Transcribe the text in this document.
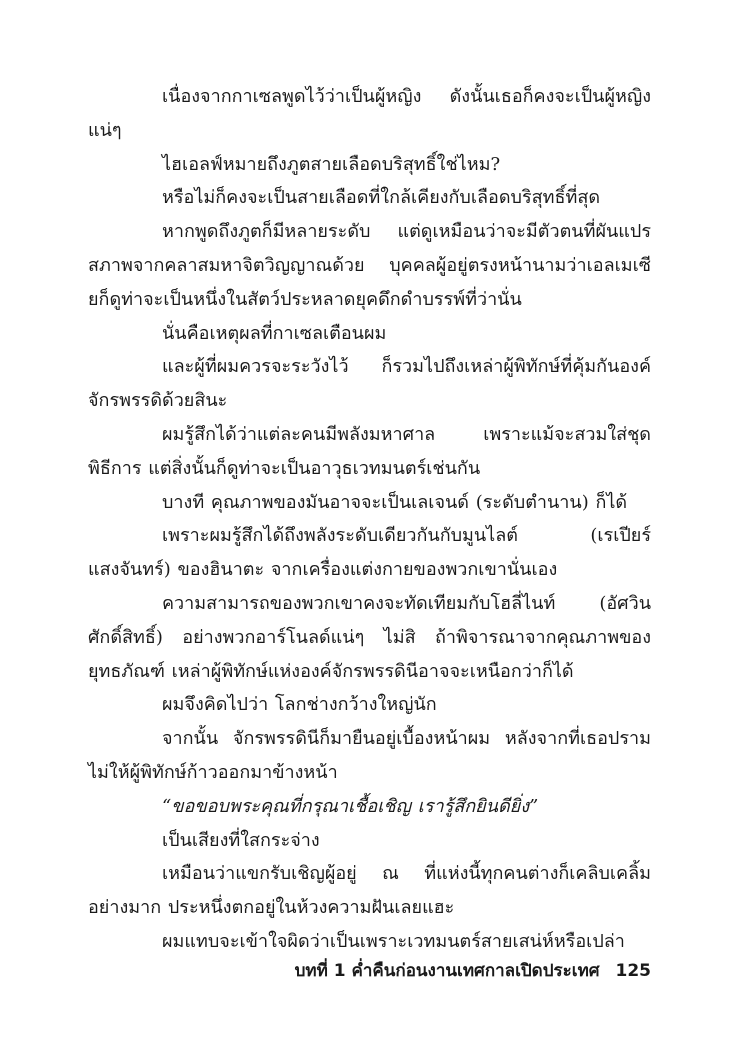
เนื่องจากกาเซลพูดไว้ว่าเป็นผู้หญิง ดังนั้นเธอก็คงจะเป็นผู้หญิงแน่ๆ

ไฮเอลฟ์หมายถึงภูตสายเลือดบริสุทธิ์ใช่ไหม?

หรือไม่ก็คงจะเป็นสายเลือดที่ใกล้เคียงกับเลือดบริสุทธิ์ที่สุด

หากพูดถึงภูตก็มีหลายระดับ แต่ดูเหมือนว่าจะมีตัวตนที่ผันแปรสภาพจากคลาสมหาจิตวิญญาณด้วย บุคคลผู้อยู่ตรงหน้านามว่าเอลเมเซียก็ดูท่าจะเป็นหนึ่งในสัตว์ประหลาดยุคดึกดำบรรพ์ที่ว่านั่น

นั่นคือเหตุผลที่กาเซลเตือนผม

และผู้ที่ผมควรจะระวังไว้ ก็รวมไปถึงเหล่าผู้พิทักษ์ที่คุ้มกันองค์จักรพรรดิด้วยสินะ

ผมรู้สึกได้ว่าแต่ละคนมีพลังมหาศาล เพราะแม้จะสวมใส่ชุดพิธีการ แต่สิ่งนั้นก็ดูท่าจะเป็นอาวุธเวทมนตร์เช่นกัน

บางที คุณภาพของมันอาจจะเป็นเลเจนด์ (ระดับตำนาน) ก็ได้

เพราะผมรู้สึกได้ถึงพลังระดับเดียวกันกับมูนไลต์ (เรเปียร์แสงจันทร์) ของฮินาตะ จากเครื่องแต่งกายของพวกเขานั่นเอง

ความสามารถของพวกเขาคงจะทัดเทียมกับโฮลี่ไนท์ (อัศวินศักดิ์สิทธิ์) อย่างพวกอาร์โนลด์แน่ๆ ไม่สิ ถ้าพิจารณาจากคุณภาพของยุทธภัณฑ์ เหล่าผู้พิทักษ์แห่งองค์จักรพรรดินีอาจจะเหนือกว่าก็ได้

ผมจึงคิดไปว่า โลกช่างกว้างใหญ่นัก

จากนั้น จักรพรรดินีก็มายืนอยู่เบื้องหน้าผม หลังจากที่เธอปรามไม่ให้ผู้พิทักษ์ก้าวออกมาข้างหน้า

“ขอขอบพระคุณที่กรุณาเชื้อเชิญ เรารู้สึกยินดียิ่ง”

เป็นเสียงที่ใสกระจ่าง

เหมือนว่าแขกรับเชิญผู้อยู่ ณ ที่แห่งนี้ทุกคนต่างก็เคลิบเคลิ้มอย่างมาก ประหนึ่งตกอยู่ในห้วงความฝันเลยแฮะ

ผมแทบจะเข้าใจผิดว่าเป็นเพราะเวทมนตร์สายเสน่ห์หรือเปล่า

บทที่ 1 ค่ำคืนก่อนงานเทศกาลเปิดประเทศ 125
